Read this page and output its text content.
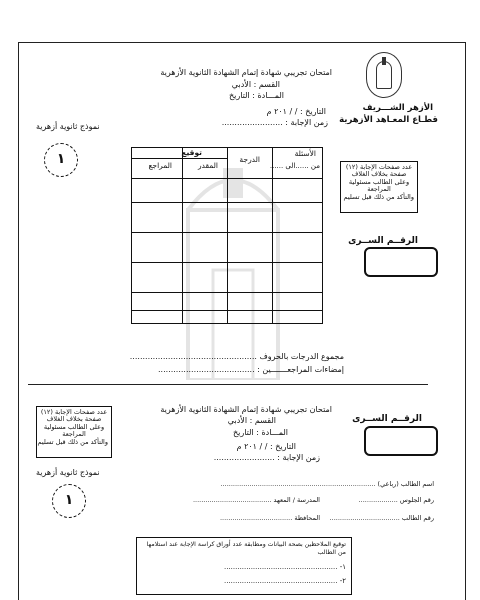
الأزهر الشـــريف
قطـاع المعـاهد الأزهرية
امتحان تجريبي شهادة إتمام الشهادة الثانوية الأزهرية
القسم : الأدبي
المـــادة : التاريخ
التاريخ : / / ٢٠١ م
زمن الإجابة : ........................
نموذج ثانوية أزهرية
١	عدد صفحات الإجابة (١٢)
صفحة بخلاف الغلاف
وعلى الطالب مسئولية
المراجعة
والتأكد من ذلك قبل تسليم
الرقــم الســرى
الأسئلة
من ......الى ......
الدرجة
توقيع
المقدر
المراجع
مجموع الدرجات بالحروف ..................................................
إمضاءات المراجعـــــــين : ......................................
عدد صفحات الإجابة (١٢)
صفحة بخلاف الغلاف
وعلى الطالب مسئولية
المراجعة
والتأكد من ذلك قبل تسليم
امتحان تجريبي شهادة إتمام الشهادة الثانوية الأزهرية
القسم : الأدبي
المـــادة : التاريخ
التاريخ : / / ٢٠١ م
زمن الإجابة : ........................
الرقــم الســرى
نموذج ثانوية أزهرية
١
اسم الطالب (رباعي) ...........................................................................
رقم الجلوس ...................
المدرسة / المعهد ......................................
رقم الطالب ..................................
المحافظة ...................................
توقيع الملاحظين بصحة البيانات ومطابقة عدد أوراق كراسة الإجابة عند استلامها من الطالب
١- ...................................................
٢- ...................................................
